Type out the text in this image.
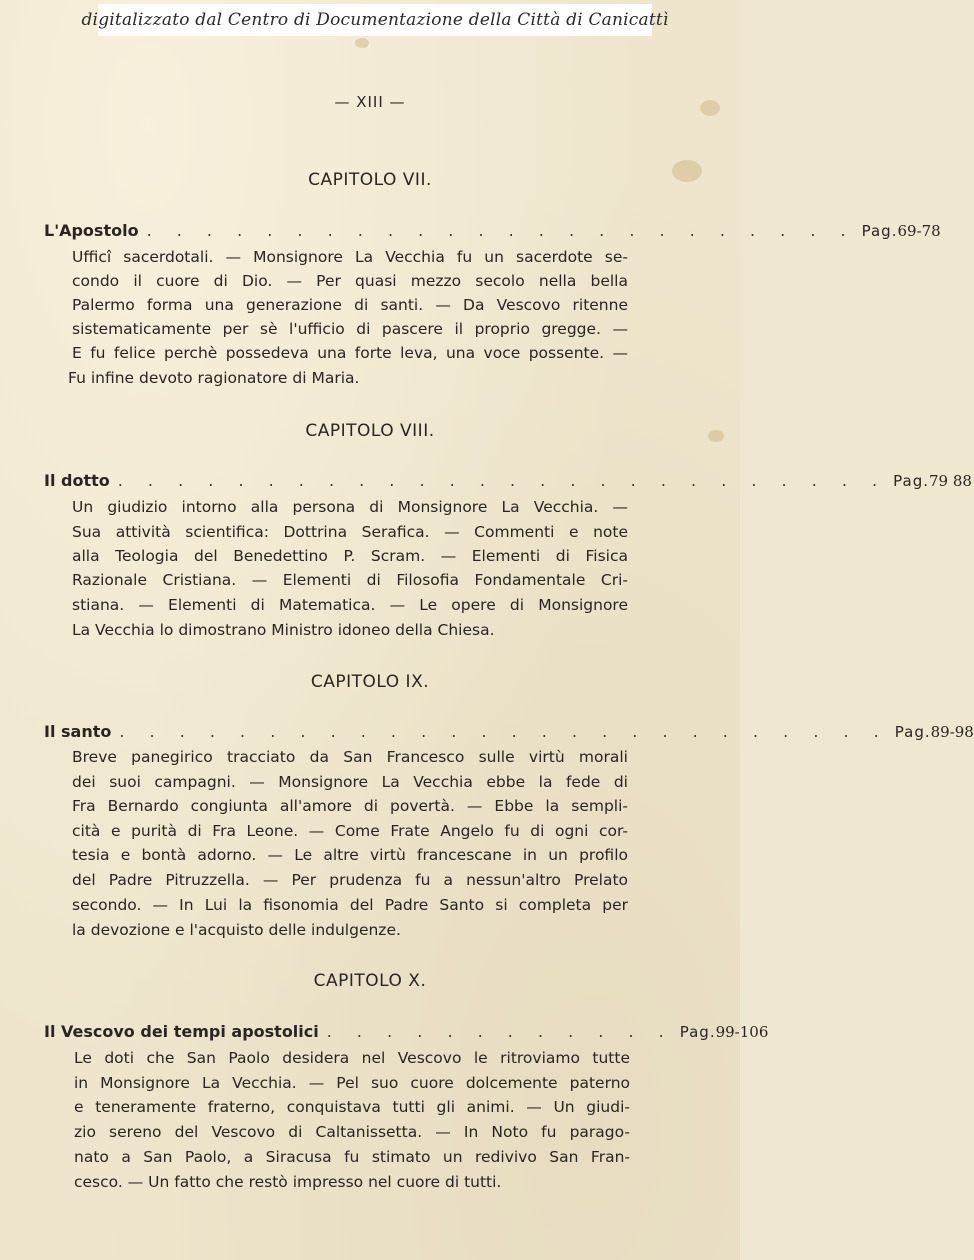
digitalizzato dal Centro di Documentazione della Città di Canicattì
— XIII —
CAPITOLO VII.
L'Apostolo . . . . . . . . . . . . . . . . . . . . . . . . Pag. 69-78
Ufficî sacerdotali. — Monsignore La Vecchia fu un sacerdote se-
condo il cuore di Dio. — Per quasi mezzo secolo nella bella
Palermo forma una generazione di santi. — Da Vescovo ritenne
sistematicamente per sè l'ufficio di pascere il proprio gregge. —
E fu felice perchè possedeva una forte leva, una voce possente. —
Fu infine devoto ragionatore di Maria.
CAPITOLO VIII.
Il dotto . . . . . . . . . . . . . . . . . . . . . . . . . . Pag. 79 88
Un giudizio intorno alla persona di Monsignore La Vecchia. —
Sua attività scientifica: Dottrina Serafica. — Commenti e note
alla Teologia del Benedettino P. Scram. — Elementi di Fisica
Razionale Cristiana. — Elementi di Filosofia Fondamentale Cri-
stiana. — Elementi di Matematica. — Le opere di Monsignore
La Vecchia lo dimostrano Ministro idoneo della Chiesa.
CAPITOLO IX.
Il santo . . . . . . . . . . . . . . . . . . . . . . . . . . Pag. 89-98
Breve panegirico tracciato da San Francesco sulle virtù morali
dei suoi campagni. — Monsignore La Vecchia ebbe la fede di
Fra Bernardo congiunta all'amore di povertà. — Ebbe la sempli-
cità e purità di Fra Leone. — Come Frate Angelo fu di ogni cor-
tesia e bontà adorno. — Le altre virtù francescane in un profilo
del Padre Pitruzzella. — Per prudenza fu a nessun'altro Prelato
secondo. — In Lui la fisonomia del Padre Santo si completa per
la devozione e l'acquisto delle indulgenze.
CAPITOLO X.
Il Vescovo dei tempi apostolici . . . . . . . . . . . . Pag. 99-106
Le doti che San Paolo desidera nel Vescovo le ritroviamo tutte
in Monsignore La Vecchia. — Pel suo cuore dolcemente paterno
e teneramente fraterno, conquistava tutti gli animi. — Un giudi-
zio sereno del Vescovo di Caltanissetta. — In Noto fu parago-
nato a San Paolo, a Siracusa fu stimato un redivivo San Fran-
cesco. — Un fatto che restò impresso nel cuore di tutti.
